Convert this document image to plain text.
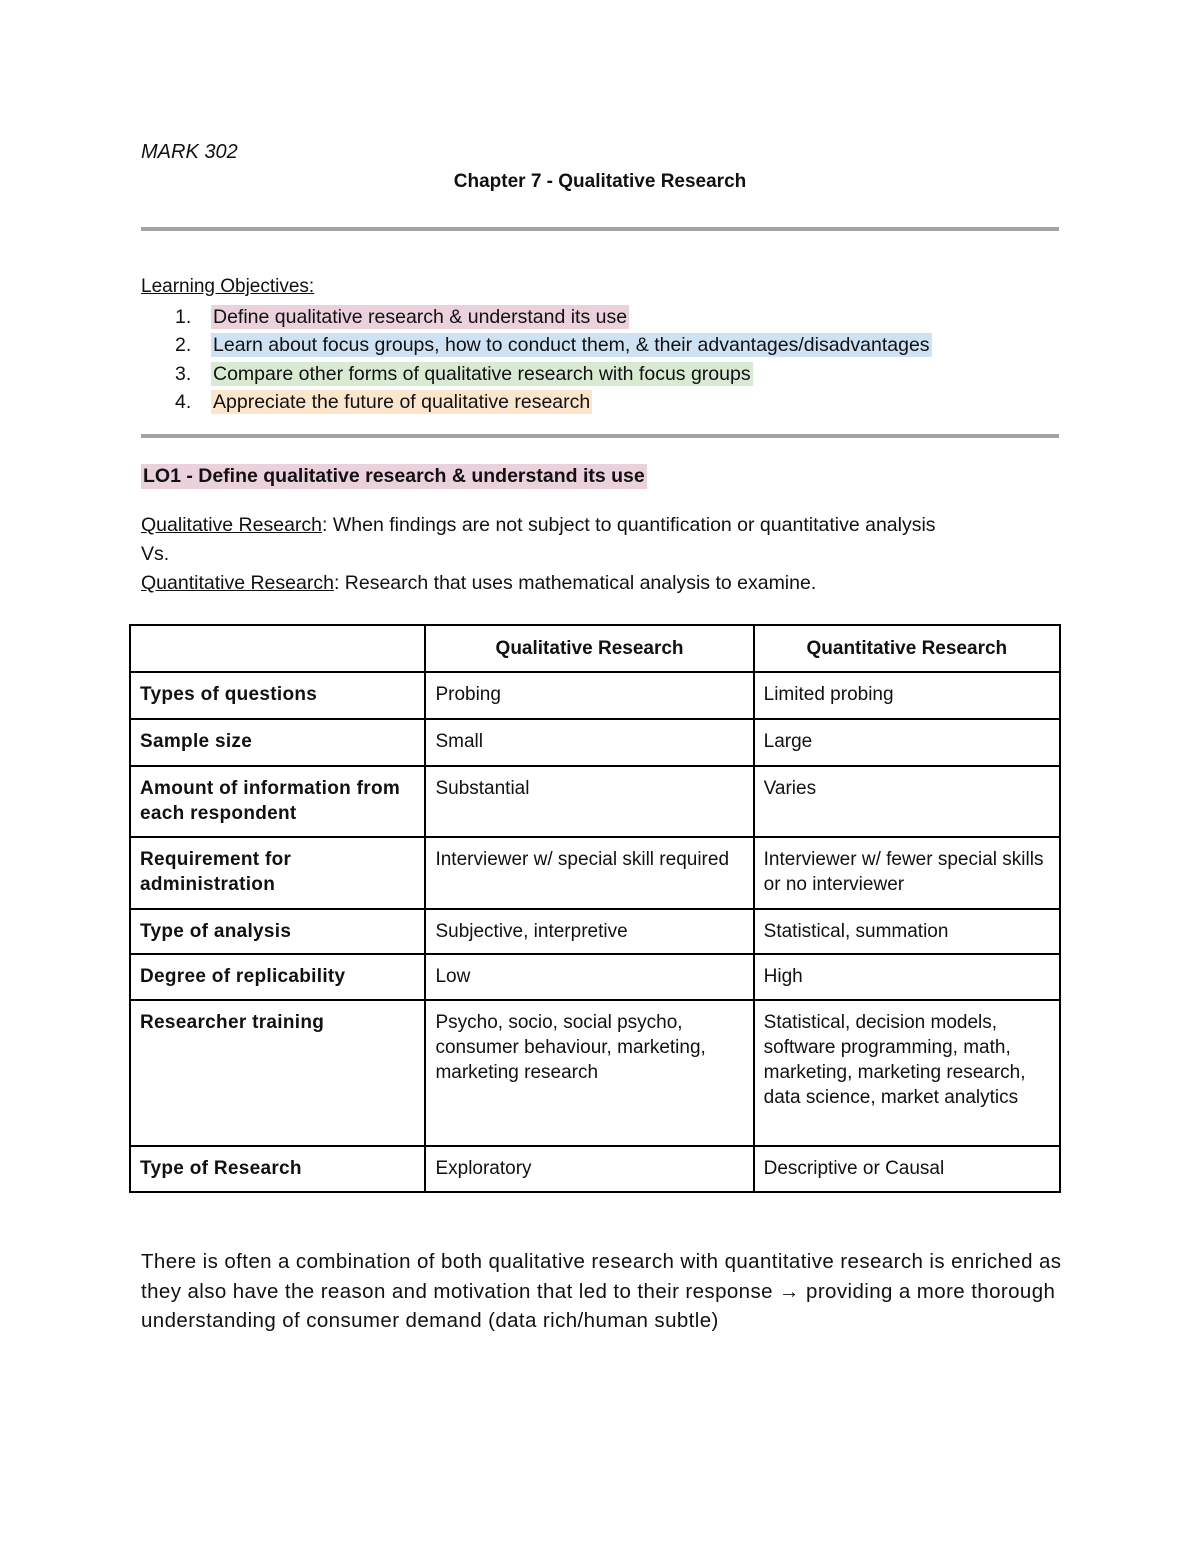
MARK 302
Chapter 7 - Qualitative Research
Learning Objectives:
1. Define qualitative research & understand its use
2. Learn about focus groups, how to conduct them, & their advantages/disadvantages
3. Compare other forms of qualitative research with focus groups
4. Appreciate the future of qualitative research
LO1 - Define qualitative research & understand its use
Qualitative Research: When findings are not subject to quantification or quantitative analysis
Vs.
Quantitative Research: Research that uses mathematical analysis to examine.
	Qualitative Research	Quantitative Research
Types of questions	Probing	Limited probing
Sample size	Small	Large
Amount of information from each respondent	Substantial	Varies
Requirement for administration	Interviewer w/ special skill required	Interviewer w/ fewer special skills or no interviewer
Type of analysis	Subjective, interpretive	Statistical, summation
Degree of replicability	Low	High
Researcher training	Psycho, socio, social psycho, consumer behaviour, marketing, marketing research	Statistical, decision models, software programming, math, marketing, marketing research, data science, market analytics
Type of Research	Exploratory	Descriptive or Causal
There is often a combination of both qualitative research with quantitative research is enriched as they also have the reason and motivation that led to their response → providing a more thorough understanding of consumer demand (data rich/human subtle)
